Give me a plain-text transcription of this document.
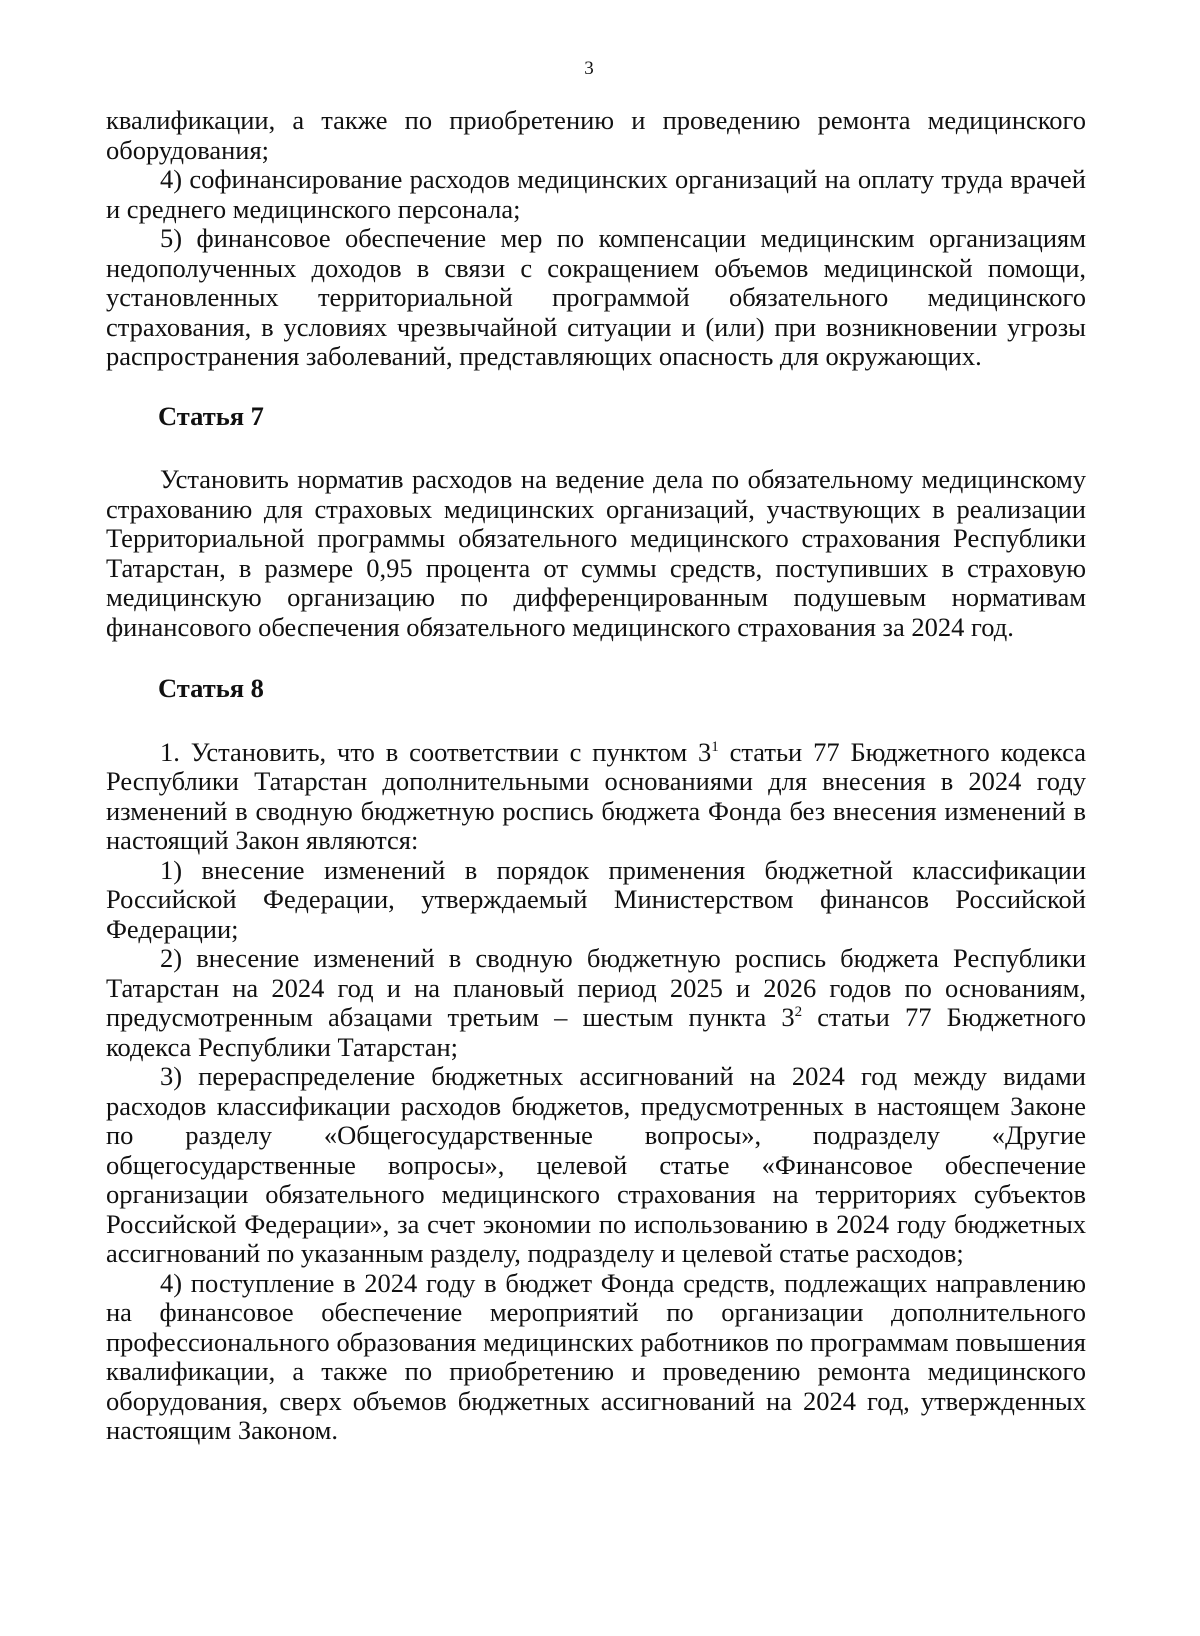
3

квалификации, а также по приобретению и проведению ремонта медицинского оборудования;

4) софинансирование расходов медицинских организаций на оплату труда врачей и среднего медицинского персонала;

5) финансовое обеспечение мер по компенсации медицинским организациям недополученных доходов в связи с сокращением объемов медицинской помощи, установленных территориальной программой обязательного медицинского страхования, в условиях чрезвычайной ситуации и (или) при возникновении угрозы распространения заболеваний, представляющих опасность для окружающих.

Статья 7

Установить норматив расходов на ведение дела по обязательному медицинскому страхованию для страховых медицинских организаций, участвующих в реализации Территориальной программы обязательного медицинского страхования Республики Татарстан, в размере 0,95 процента от суммы средств, поступивших в страховую медицинскую организацию по дифференцированным подушевым нормативам финансового обеспечения обязательного медицинского страхования за 2024 год.

Статья 8

1. Установить, что в соответствии с пунктом $3^1$ статьи 77 Бюджетного кодекса Республики Татарстан дополнительными основаниями для внесения в 2024 году изменений в сводную бюджетную роспись бюджета Фонда без внесения изменений в настоящий Закон являются:

1) внесение изменений в порядок применения бюджетной классификации Российской Федерации, утверждаемый Министерством финансов Российской Федерации;

2) внесение изменений в сводную бюджетную роспись бюджета Республики Татарстан на 2024 год и на плановый период 2025 и 2026 годов по основаниям, предусмотренным абзацами третьим – шестым пункта $3^2$ статьи 77 Бюджетного кодекса Республики Татарстан;

3) перераспределение бюджетных ассигнований на 2024 год между видами расходов классификации расходов бюджетов, предусмотренных в настоящем Законе по разделу «Общегосударственные вопросы», подразделу «Другие общегосударственные вопросы», целевой статье «Финансовое обеспечение организации обязательного медицинского страхования на территориях субъектов Российской Федерации», за счет экономии по использованию в 2024 году бюджетных ассигнований по указанным разделу, подразделу и целевой статье расходов;

4) поступление в 2024 году в бюджет Фонда средств, подлежащих направлению на финансовое обеспечение мероприятий по организации дополнительного профессионального образования медицинских работников по программам повышения квалификации, а также по приобретению и проведению ремонта медицинского оборудования, сверх объемов бюджетных ассигнований на 2024 год, утвержденных настоящим Законом.
